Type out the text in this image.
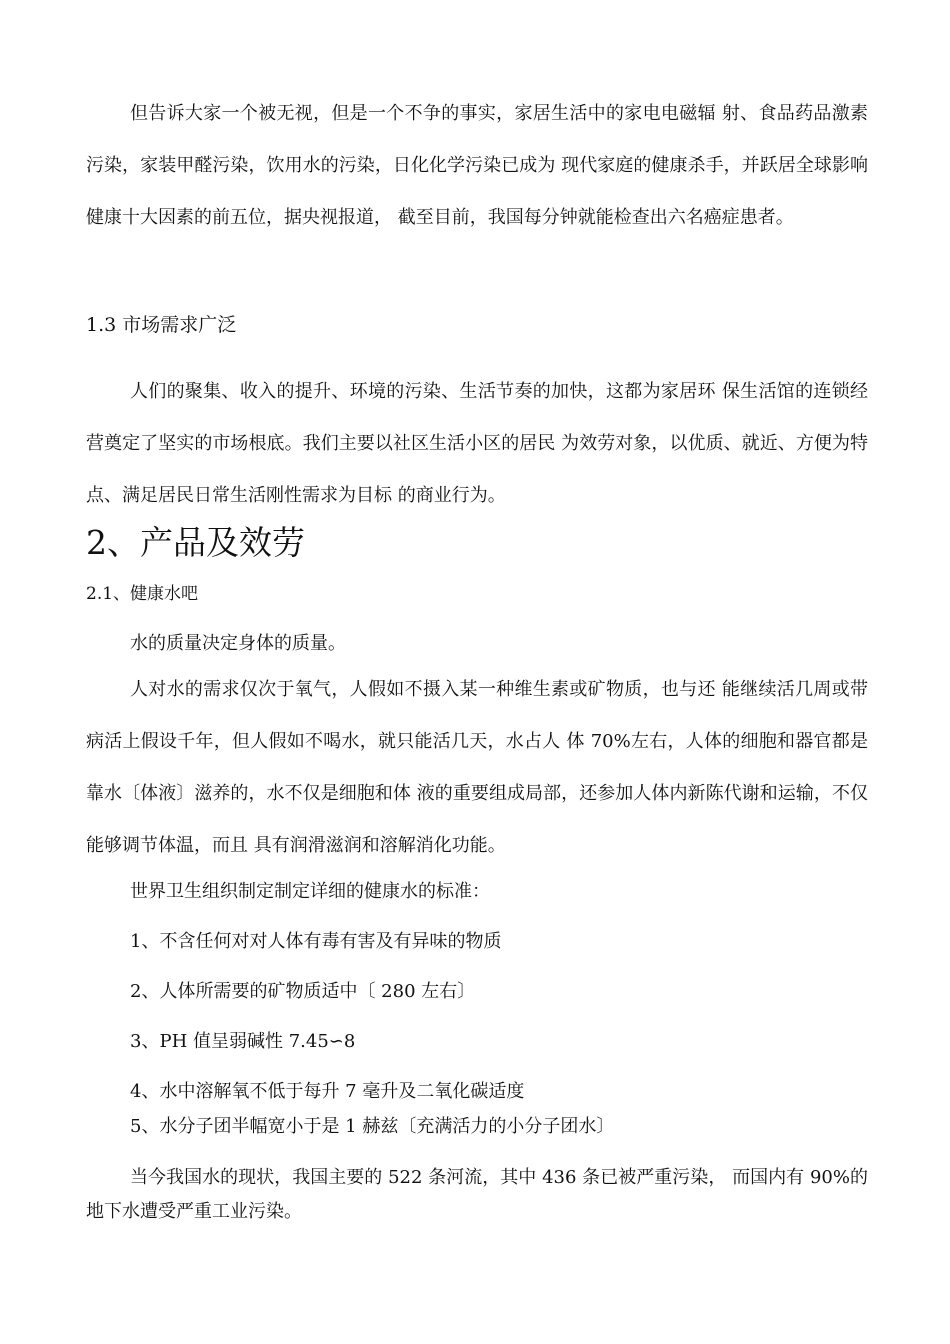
但告诉大家一个被无视，但是一个不争的事实，家居生活中的家电电磁辐 射、食品药品激素污染，家装甲醛污染，饮用水的污染，日化化学污染已成为 现代家庭的健康杀手，并跃居全球影响健康十大因素的前五位，据央视报道， 截至目前，我国每分钟就能检查出六名癌症患者。

1.3 市场需求广泛

人们的聚集、收入的提升、环境的污染、生活节奏的加快，这都为家居环 保生活馆的连锁经营奠定了坚实的市场根底。我们主要以社区生活小区的居民 为效劳对象，以优质、就近、方便为特点、满足居民日常生活刚性需求为目标 的商业行为。

2、产品及效劳
2.1、健康水吧
水的质量决定身体的质量。

人对水的需求仅次于氧气，人假如不摄入某一种维生素或矿物质，也与还 能继续活几周或带病活上假设千年，但人假如不喝水，就只能活几天，水占人 体 70%左右，人体的细胞和器官都是靠水〔体液〕滋养的，水不仅是细胞和体 液的重要组成局部，还参加人体内新陈代谢和运输，不仅能够调节体温，而且 具有润滑滋润和溶解消化功能。

世界卫生组织制定制定详细的健康水的标准：
1、不含任何对对人体有毒有害及有异味的物质
2、人体所需要的矿物质适中〔 280 左右〕
3、PH 值呈弱碱性 7.45∽8
4、水中溶解氧不低于每升 7 毫升及二氧化碳适度
5、水分子团半幅宽小于是 1 赫兹〔充满活力的小分子团水〕

当今我国水的现状，我国主要的 522 条河流，其中 436 条已被严重污染， 而国内有 90%的地下水遭受严重工业污染。
